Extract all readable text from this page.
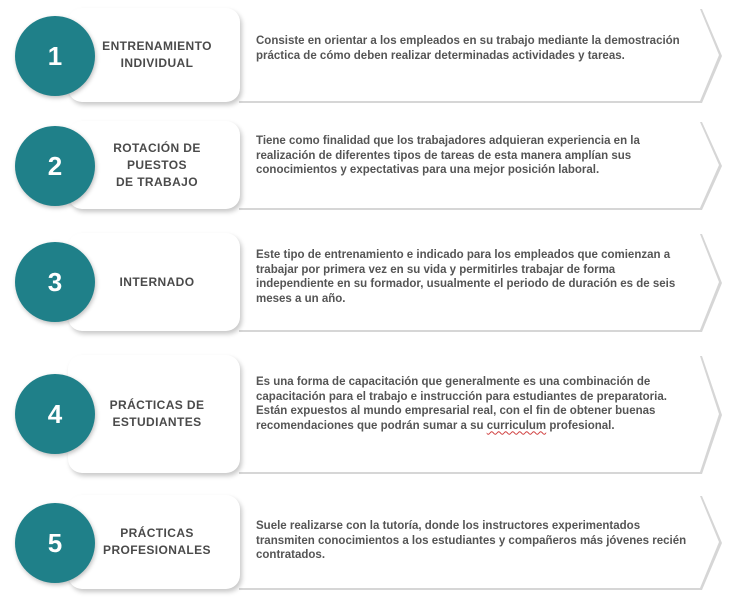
Consiste en orientar a los empleados en su trabajo mediante la demostración práctica de cómo deben realizar determinadas actividades y tareas.
ENTRENAMIENTO
INDIVIDUAL
1
Tiene como finalidad que los trabajadores adquieran experiencia en la realización de diferentes tipos de tareas de esta manera amplían sus conocimientos y expectativas para una mejor posición laboral.
ROTACIÓN DE
PUESTOS
DE TRABAJO
2
Este tipo de entrenamiento e indicado para los empleados que comienzan a trabajar por primera vez en su vida y permitirles trabajar de forma independiente en su formador, usualmente el periodo de duración es de seis meses a un año.
INTERNADO
3
Es una forma de capacitación que generalmente es una combinación de capacitación para el trabajo e instrucción para estudiantes de preparatoria. Están expuestos al mundo empresarial real, con el fin de obtener buenas recomendaciones que podrán sumar a su curriculum profesional.
PRÁCTICAS DE
ESTUDIANTES
4
Suele realizarse con la tutoría, donde los instructores experimentados transmiten conocimientos a los estudiantes y compañeros más jóvenes recién contratados.
PRÁCTICAS
PROFESIONALES
5
